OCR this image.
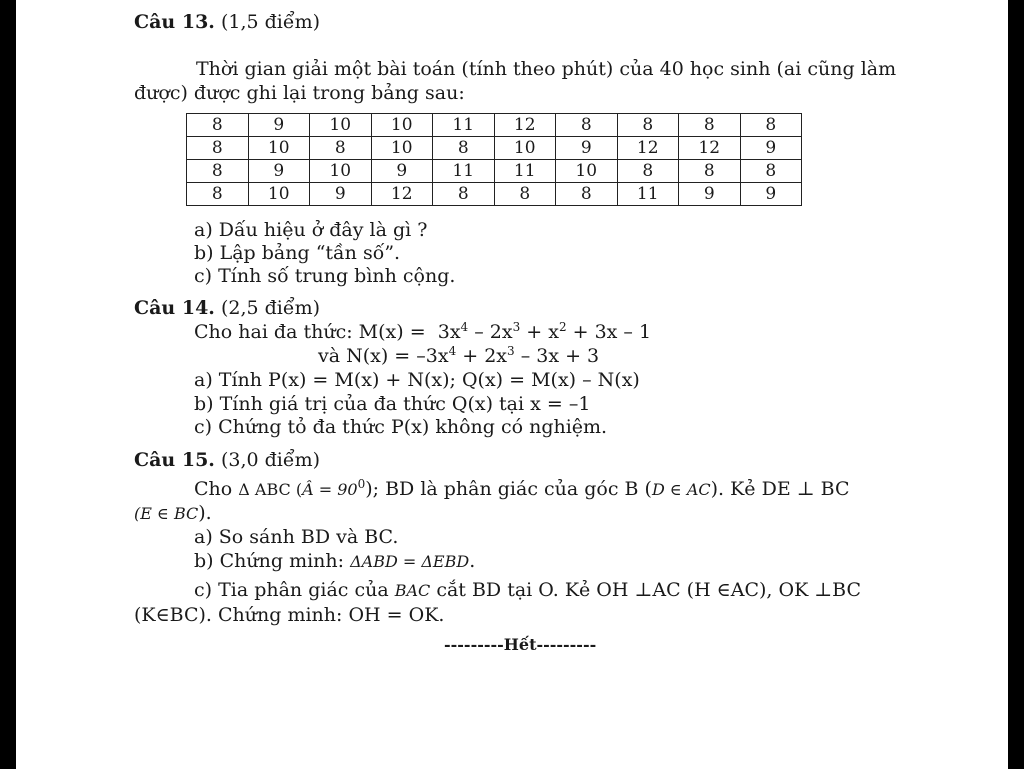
Câu 13. (1,5 điểm)
Thời gian giải một bài toán (tính theo phút) của 40 học sinh (ai cũng làm
được) được ghi lại trong bảng sau:
8	9	10	10	11	12	8	8	8	8
8	10	8	10	8	10	9	12	12	9
8	9	10	9	11	11	10	8	8	8
8	10	9	12	8	8	8	11	9	9
a) Dấu hiệu ở đây là gì ?
b) Lập bảng “tần số”.
c) Tính số trung bình cộng.
Câu 14. (2,5 điểm)
Cho hai đa thức: $M(x) = 3x^4 - 2x^3 + x^2 + 3x - 1$
và $N(x) = -3x^4 + 2x^3 - 3x + 3$
a) Tính P(x) = M(x) + N(x); Q(x) = M(x) – N(x)
b) Tính giá trị của đa thức Q(x) tại x = –1
c) Chứng tỏ đa thức P(x) không có nghiệm.
Câu 15. (3,0 điểm)
Cho Δ ABC (Â = $90^0$); BD là phân giác của góc B (D ∈ AC). Kẻ DE ⊥ BC
(E ∈ BC).
a) So sánh BD và BC.
b) Chứng minh: ΔABD = ΔEBD.
c) Tia phân giác của BAC cắt BD tại O. Kẻ OH ⊥AC (H ∈AC), OK ⊥BC
(K∈BC). Chứng minh: OH = OK.
---------Hết---------
